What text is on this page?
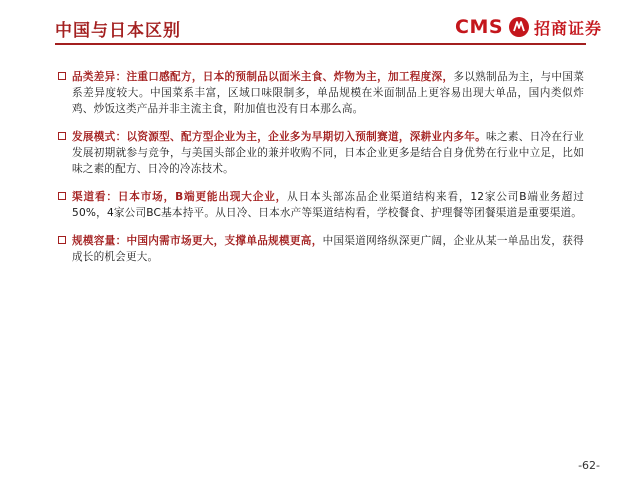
中国与日本区别	CMS 招商证券

品类差异：注重口感配方，日本的预制品以面米主食、炸物为主，加工程度深，多以熟制品为主，与中国菜系差异度较大。中国菜系丰富，区域口味限制多，单品规模在米面制品上更容易出现大单品，国内类似炸鸡、炒饭这类产品并非主流主食，附加值也没有日本那么高。

发展模式：以资源型、配方型企业为主，企业多为早期切入预制赛道，深耕业内多年。味之素、日冷在行业发展初期就参与竞争，与美国头部企业的兼并收购不同，日本企业更多是结合自身优势在行业中立足，比如味之素的配方、日冷的冷冻技术。

渠道看：日本市场，B端更能出现大企业，从日本头部冻品企业渠道结构来看，12家公司B端业务超过50%，4家公司BC基本持平。从日冷、日本水产等渠道结构看，学校餐食、护理餐等团餐渠道是重要渠道。

规模容量：中国内需市场更大，支撑单品规模更高，中国渠道网络纵深更广阔，企业从某一单品出发，获得成长的机会更大。

-62-
